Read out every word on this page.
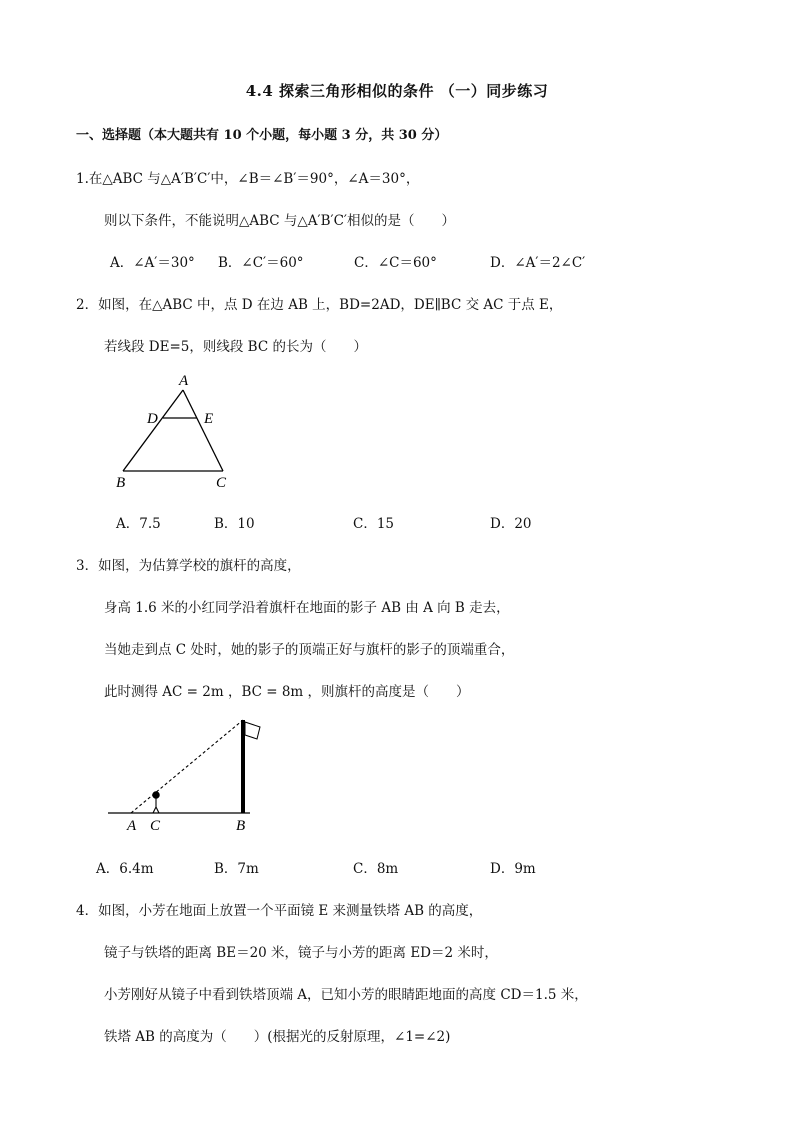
4.4 探索三角形相似的条件 （一）同步练习
一、选择题（本大题共有 10 个小题，每小题 3 分，共 30 分）
1.在△ABC 与△A′B′C′中，∠B＝∠B′＝90°，∠A＝30°，
则以下条件，不能说明△ABC 与△A′B′C′相似的是（　　）
A．∠A′＝30° B．∠C′＝60°	C．∠C＝60°	D．∠A′＝2∠C′
2．如图，在△ABC 中，点 D 在边 AB 上，BD=2AD，DE∥BC 交 AC 于点 E，
若线段 DE=5，则线段 BC 的长为（　　）
A
D	E
B	C
A．7.5	B．10	C．15	D．20
3．如图，为估算学校的旗杆的高度，
身高 1.6 米的小红同学沿着旗杆在地面的影子 AB 由 A 向 B 走去，
当她走到点 C 处时，她的影子的顶端正好与旗杆的影子的顶端重合，
此时测得 AC = 2m ，BC = 8m ，则旗杆的高度是（　　）
A C	B
A．6.4m	B．7m	C．8m	D．9m
4．如图，小芳在地面上放置一个平面镜 E 来测量铁塔 AB 的高度，
镜子与铁塔的距离 BE＝20 米，镜子与小芳的距离 ED＝2 米时，
小芳刚好从镜子中看到铁塔顶端 A，已知小芳的眼睛距地面的高度 CD＝1.5 米，
铁塔 AB 的高度为（　　）(根据光的反射原理，∠1=∠2)
